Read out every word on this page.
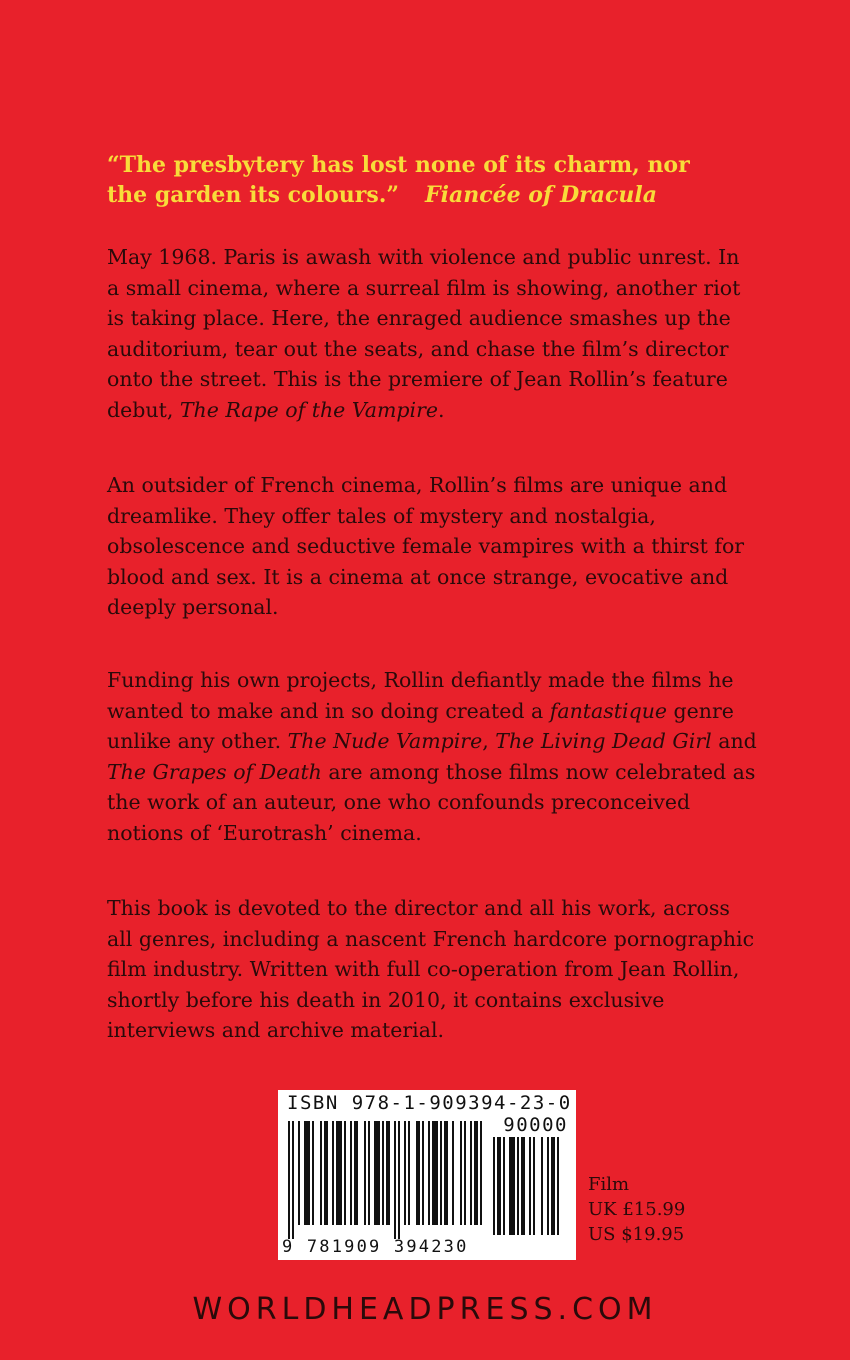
“The presbytery has lost none of its charm, nor
the garden its colours.” Fiancée of Dracula

May 1968. Paris is awash with violence and public unrest. In a small cinema, where a surreal film is showing, another riot is taking place. Here, the enraged audience smashes up the auditorium, tear out the seats, and chase the film’s director onto the street. This is the premiere of Jean Rollin’s feature debut, The Rape of the Vampire.

An outsider of French cinema, Rollin’s films are unique and dreamlike. They offer tales of mystery and nostalgia, obsolescence and seductive female vampires with a thirst for blood and sex. It is a cinema at once strange, evocative and deeply personal.

Funding his own projects, Rollin defiantly made the films he wanted to make and in so doing created a fantastique genre unlike any other. The Nude Vampire, The Living Dead Girl and The Grapes of Death are among those films now celebrated as the work of an auteur, one who confounds preconceived notions of ‘Eurotrash’ cinema.

This book is devoted to the director and all his work, across all genres, including a nascent French hardcore pornographic film industry. Written with full co-operation from Jean Rollin, shortly before his death in 2010, it contains exclusive interviews and archive material.

ISBN 978-1-909394-23-0
90000
9 781909 394230
Film
UK £15.99
US $19.95
WORLDHEADPRESS.COM
